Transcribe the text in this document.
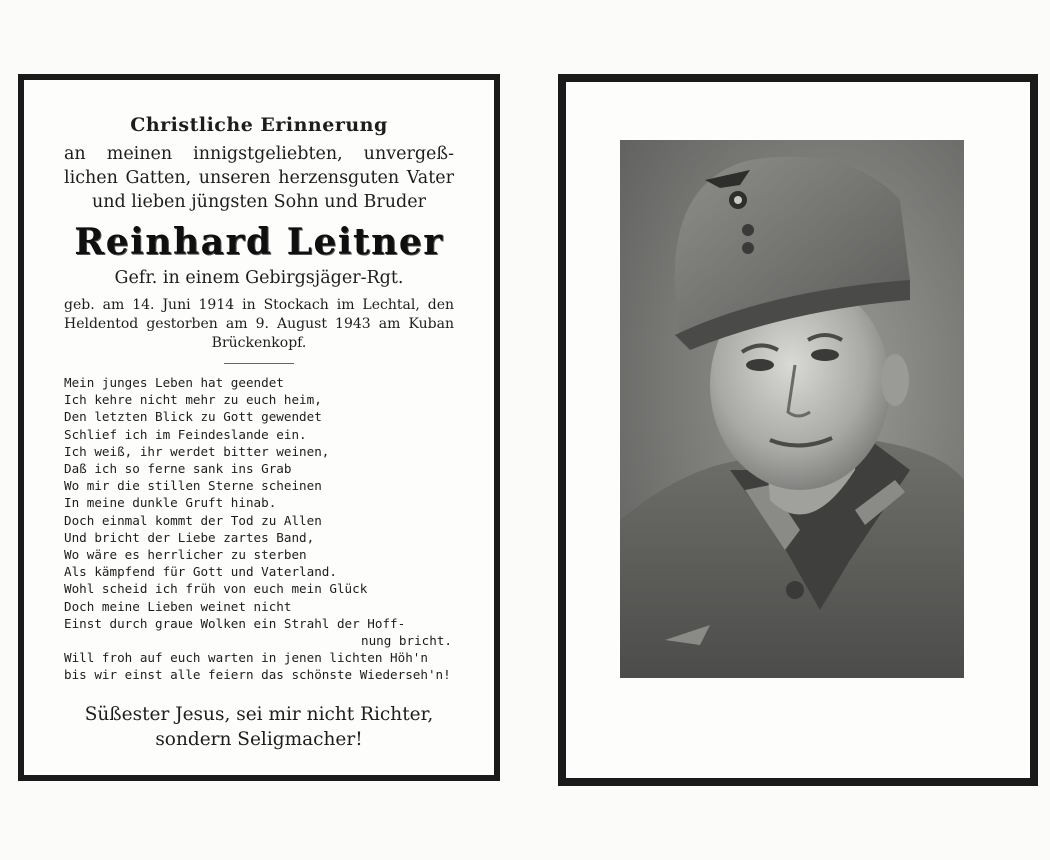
Christliche Erinnerung

an meinen innigstgeliebten, unvergeß- lichen Gatten, unseren herzensguten Vater und lieben jüngsten Sohn und Bruder

Reinhard Leitner

Gefr. in einem Gebirgsjäger-Rgt.

geb. am 14. Juni 1914 in Stockach im Lechtal, den Heldentod gestorben am 9. August 1943 am Kuban Brückenkopf.

Mein junges Leben hat geendet
Ich kehre nicht mehr zu euch heim,
Den letzten Blick zu Gott gewendet
Schlief ich im Feindeslande ein.
Ich weiß, ihr werdet bitter weinen,
Daß ich so ferne sank ins Grab
Wo mir die stillen Sterne scheinen
In meine dunkle Gruft hinab.
Doch einmal kommt der Tod zu Allen
Und bricht der Liebe zartes Band,
Wo wäre es herrlicher zu sterben
Als kämpfend für Gott und Vaterland.
Wohl scheid ich früh von euch mein Glück
Doch meine Lieben weinet nicht
Einst durch graue Wolken ein Strahl der Hoff-
nung bricht.
Will froh auf euch warten in jenen lichten Höh'n
bis wir einst alle feiern das schönste Wiederseh'n!
Süßester Jesus, sei mir nicht Richter,
sondern Seligmacher!
